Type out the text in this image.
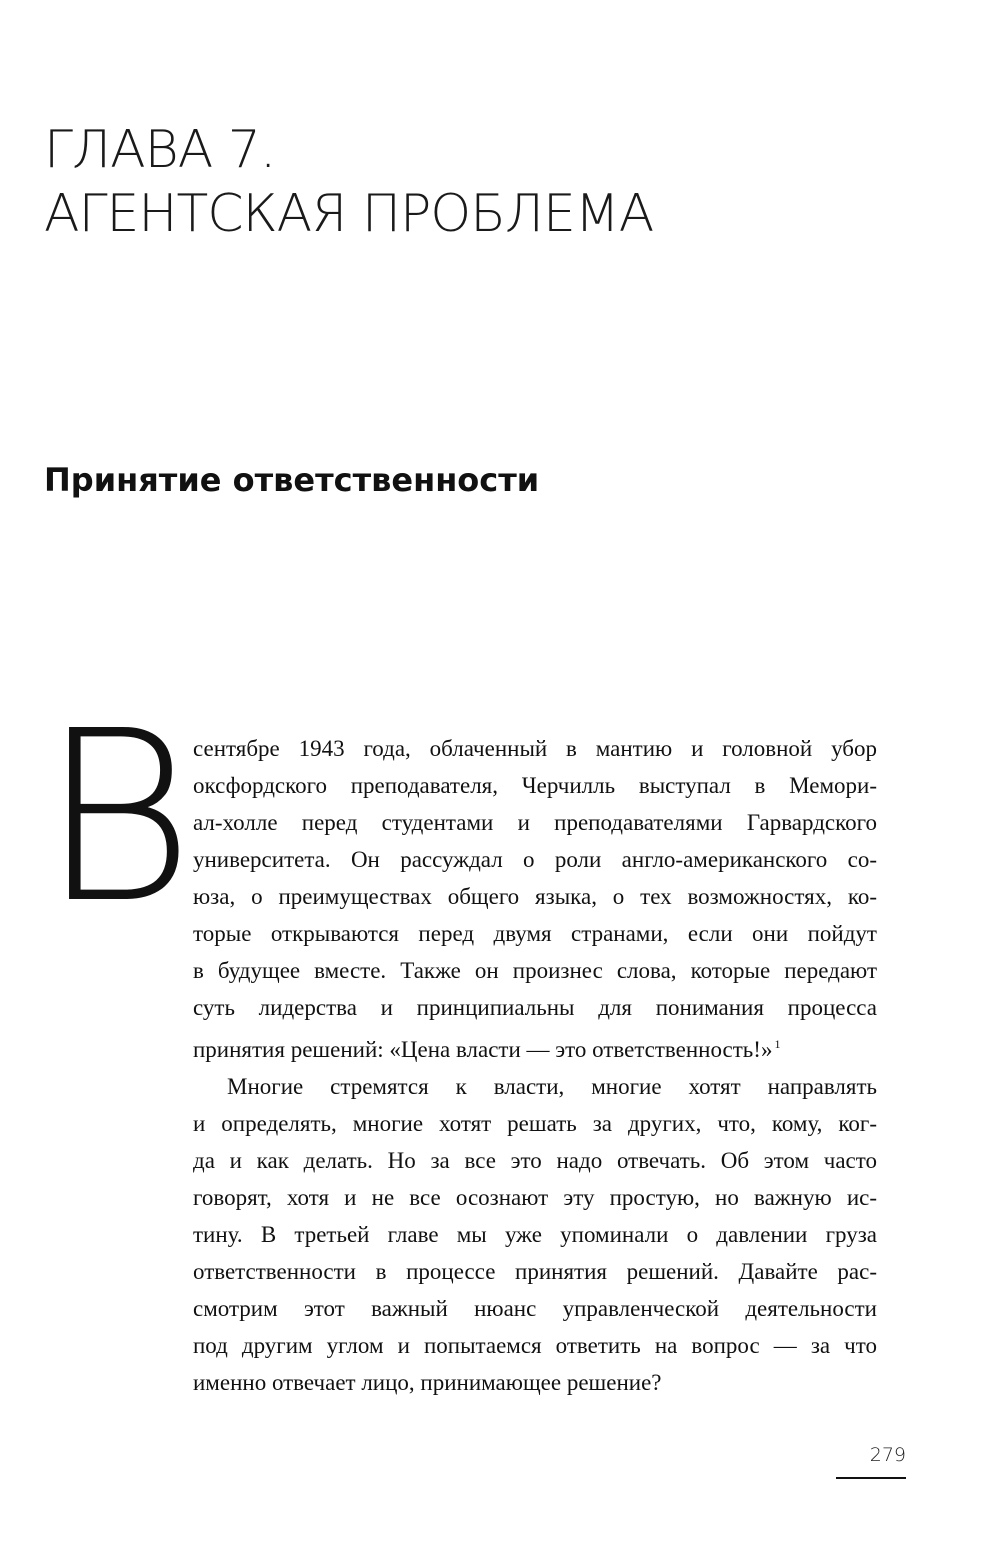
ГЛАВА 7.
АГЕНТСКАЯ ПРОБЛЕМА
Принятие ответственности
В
сентябре 1943 года, облаченный в мантию и головной убор
оксфордского преподавателя, Черчилль выступал в Мемори-
ал-холле перед студентами и преподавателями Гарвардского
университета. Он рассуждал о роли англо-американского со-
юза, о преимуществах общего языка, о тех возможностях, ко-
торые открываются перед двумя странами, если они пойдут
в будущее вместе. Также он произнес слова, которые передают
суть лидерства и принципиальны для понимания процесса
принятия решений: «Цена власти — это ответственность!» $^1$
Многие стремятся к власти, многие хотят направлять
и определять, многие хотят решать за других, что, кому, ког-
да и как делать. Но за все это надо отвечать. Об этом часто
говорят, хотя и не все осознают эту простую, но важную ис-
тину. В третьей главе мы уже упоминали о давлении груза
ответственности в процессе принятия решений. Давайте рас-
смотрим этот важный нюанс управленческой деятельности
под другим углом и попытаемся ответить на вопрос — за что
именно отвечает лицо, принимающее решение?
279
